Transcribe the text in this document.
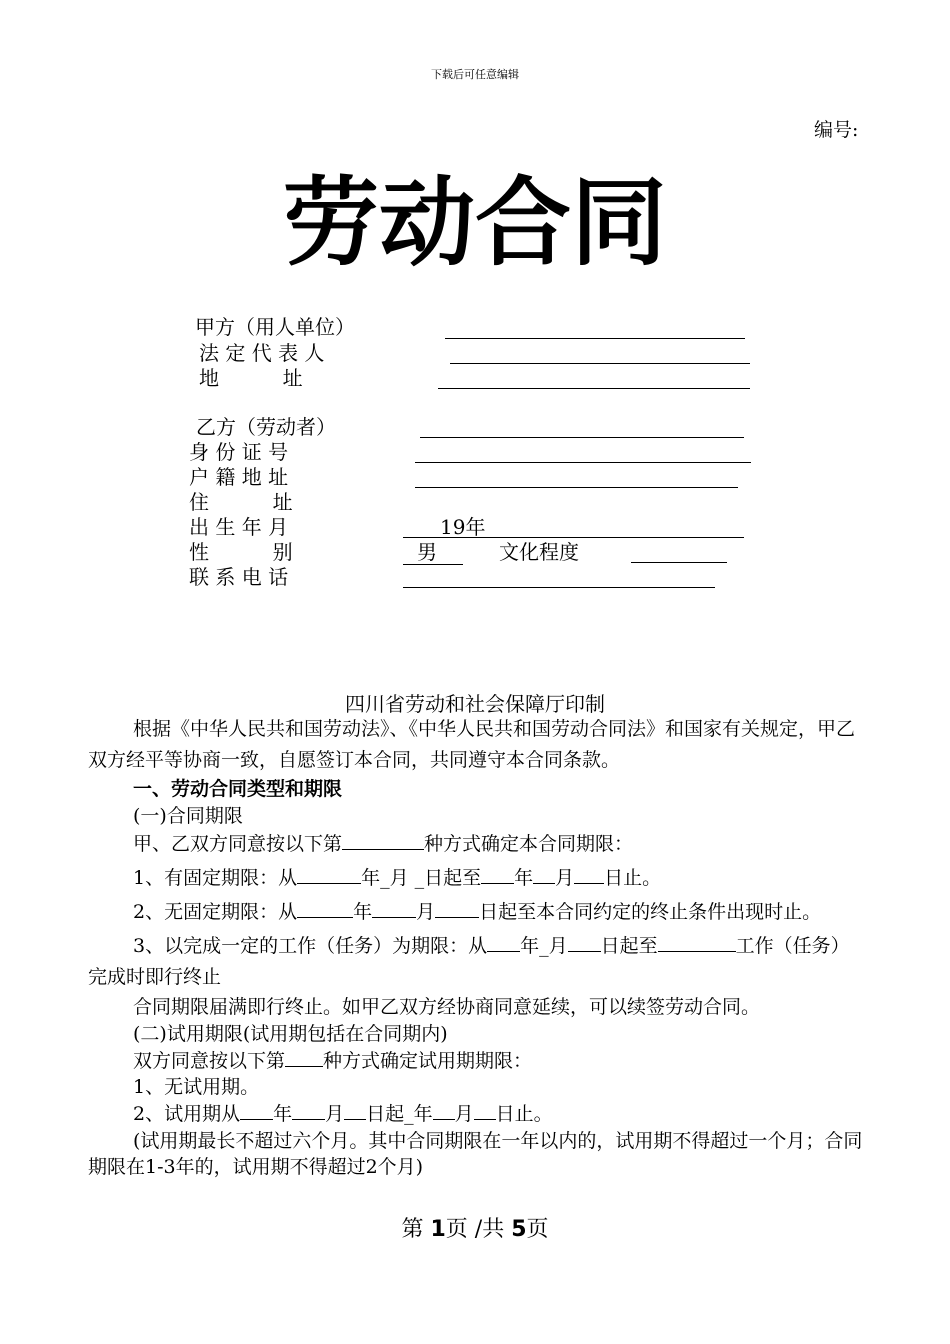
下载后可任意编辑
编号:
劳动合同
甲方（用人单位）
法 定 代 表 人
地          址
乙方（劳动者）
身 份 证 号
户 籍 地 址
住          址
出 生 年 月	19年
性          别	男	文化程度
联 系 电 话
四川省劳动和社会保障厅印制

根据《中华人民共和国劳动法》、《中华人民共和国劳动合同法》和国家有关规定，甲乙双方经平等协商一致，自愿签订本合同，共同遵守本合同条款。

一、劳动合同类型和期限

(一)合同期限

甲、乙双方同意按以下第	种方式确定本合同期限：

1、有固定期限：从	年_月 _日起至 年 月 日止。

2、无固定期限：从	年 月 日起至本合同约定的终止条件出现时止。

3、以完成一定的工作（任务）为期限：从 年_月 日起至	工作（任务）完成时即行终止

合同期限届满即行终止。如甲乙双方经协商同意延续，可以续签劳动合同。

(二)试用期限(试用期包括在合同期内)

双方同意按以下第 种方式确定试用期期限：

1、无试用期。

2、试用期从 年 月 日起_年 月 日止。

(试用期最长不超过六个月。其中合同期限在一年以内的，试用期不得超过一个月；合同期限在1-3年的，试用期不得超过2个月)

第 1页 /共 5页
